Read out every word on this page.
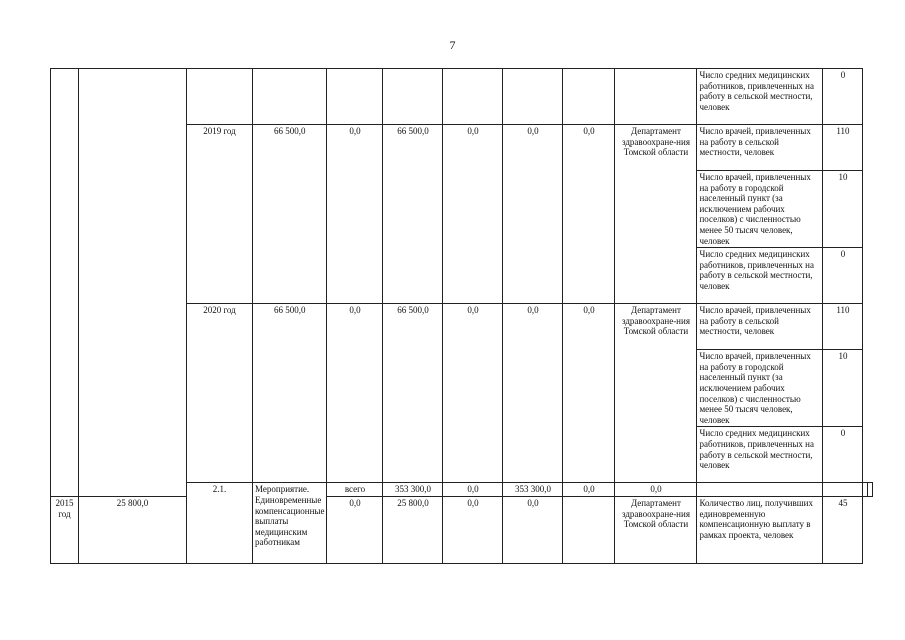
7
										Число средних медицинских работников, привлеченных на работу в сельской местности, человек	0		
		2019 год	66 500,0	0,0	66 500,0	0,0	0,0	0,0	Департамент здравоохране-ния Томской области	Число врачей, привлеченных на работу в сельской местности, человек	110		
										Число врачей, привлеченных на работу в городской населенный пункт (за исключением рабочих поселков) с численностью менее 50 тысяч человек, человек	10		
										Число средних медицинских работников, привлеченных на работу в сельской местности, человек	0		
		2020 год	66 500,0	0,0	66 500,0	0,0	0,0	0,0	Департамент здравоохране-ния Томской области	Число врачей, привлеченных на работу в сельской местности, человек	110		
										Число врачей, привлеченных на работу в городской населенный пункт (за исключением рабочих поселков) с численностью менее 50 тысяч человек, человек	10		
										Число средних медицинских работников, привлеченных на работу в сельской местности, человек	0		
		2.1.	Мероприятие. Единовременные компенсационные выплаты медицинским работникам	всего	353 300,0	0,0	353 300,0	0,0	0,0				
2015 год	25 800,0			0,0	25 800,0	0,0	0,0		Департамент здравоохране-ния Томской области	Количество лиц, получивших единовременную компенсационную выплату в рамках проекта, человек	45		
